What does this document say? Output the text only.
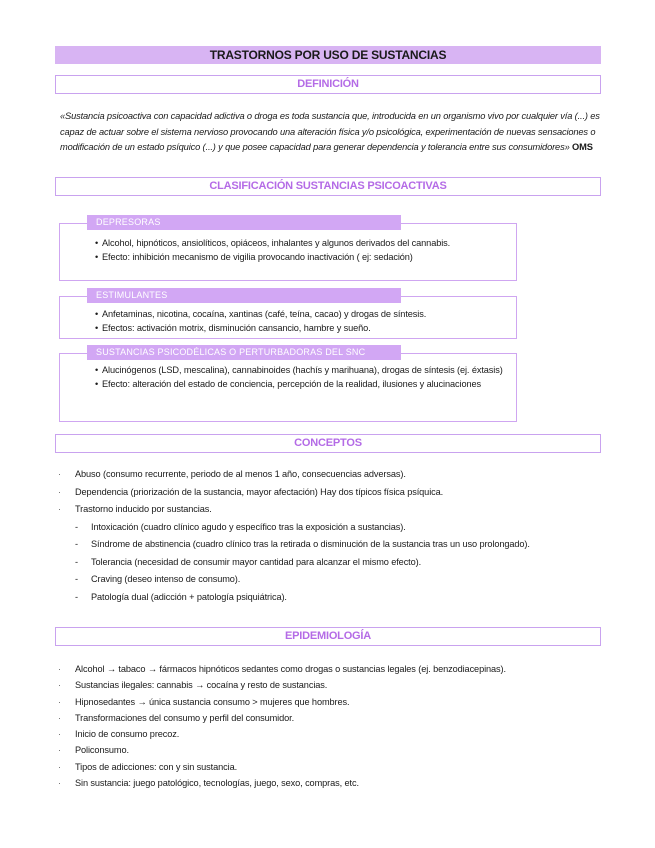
TRASTORNOS POR USO DE SUSTANCIAS
DEFINICIÓN
«Sustancia psicoactiva con capacidad adictiva o droga es toda sustancia que, introducida en un organismo vivo por cualquier vía (...) es capaz de actuar sobre el sistema nervioso provocando una alteración física y/o psicológica, experimentación de nuevas sensaciones o modificación de un estado psíquico (...) y que posee capacidad para generar dependencia y tolerancia entre sus consumidores» OMS
CLASIFICACIÓN SUSTANCIAS PSICOACTIVAS
• Alcohol, hipnóticos, ansiolíticos, opiáceos, inhalantes y algunos derivados del cannabis.
• Efecto: inhibición mecanismo de vigilia provocando inactivación ( ej: sedación)
DEPRESORAS
• Anfetaminas, nicotina, cocaína, xantinas (café, teína, cacao) y drogas de síntesis.
• Efectos: activación motrix, disminución cansancio, hambre y sueño.
ESTIMULANTES
• Alucinógenos (LSD, mescalina), cannabinoides (hachís y marihuana), drogas de síntesis (ej. éxtasis)
• Efecto: alteración del estado de conciencia, percepción de la realidad, ilusiones y alucinaciones
SUSTANCIAS PSICODÉLICAS O PERTURBADORAS DEL SNC
CONCEPTOS
· Abuso (consumo recurrente, periodo de al menos 1 año, consecuencias adversas).
· Dependencia (priorización de la sustancia, mayor afectación) Hay dos típicos física psíquica.
· Trastorno inducido por sustancias.
- Intoxicación (cuadro clínico agudo y específico tras la exposición a sustancias).
- Síndrome de abstinencia (cuadro clínico tras la retirada o disminución de la sustancia tras un uso prolongado).
- Tolerancia (necesidad de consumir mayor cantidad para alcanzar el mismo efecto).
- Craving (deseo intenso de consumo).
- Patología dual (adicción + patología psiquiátrica).
EPIDEMIOLOGÍA
· Alcohol → tabaco → fármacos hipnóticos sedantes como drogas o sustancias legales (ej. benzodiacepinas).
· Sustancias ilegales: cannabis → cocaína y resto de sustancias.
· Hipnosedantes → única sustancia consumo > mujeres que hombres.
· Transformaciones del consumo y perfil del consumidor.
· Inicio de consumo precoz.
· Policonsumo.
· Tipos de adicciones: con y sin sustancia.
· Sin sustancia: juego patológico, tecnologías, juego, sexo, compras, etc.
